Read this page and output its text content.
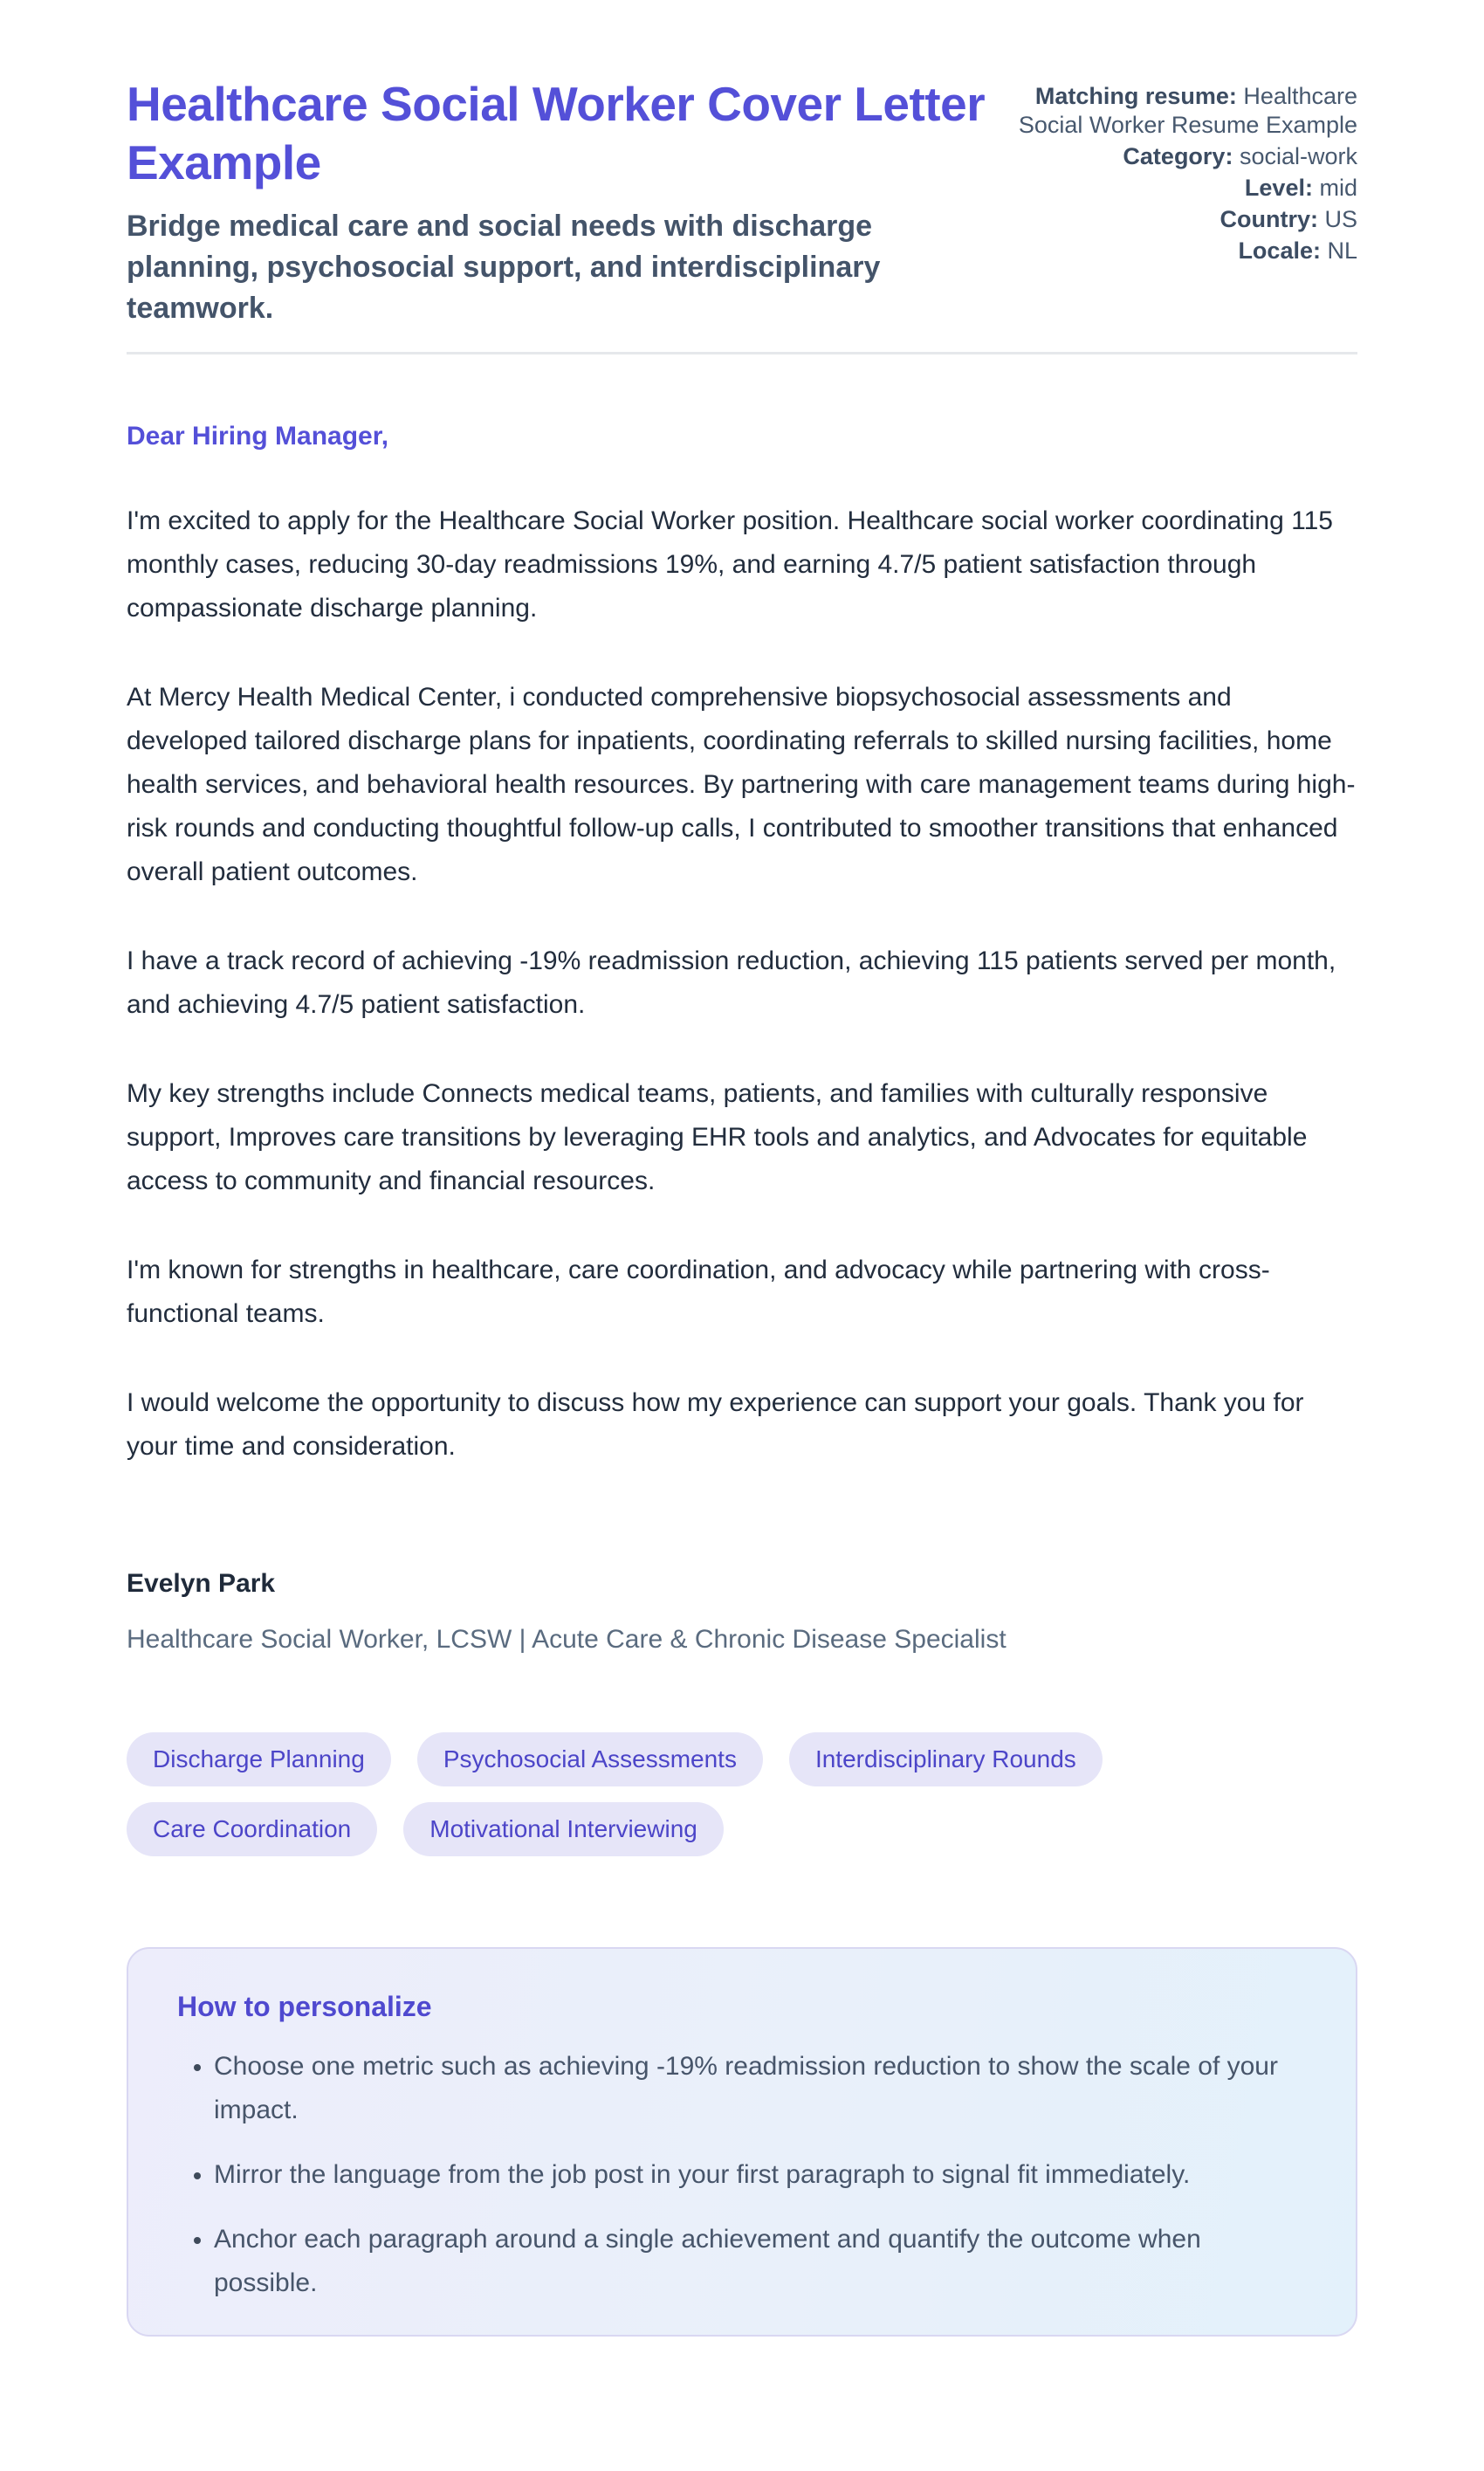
Healthcare Social Worker Cover Letter Example
Bridge medical care and social needs with discharge planning, psychosocial support, and interdisciplinary teamwork.
Matching resume: Healthcare Social Worker Resume Example
Category: social-work
Level: mid
Country: US
Locale: NL

Dear Hiring Manager,

I'm excited to apply for the Healthcare Social Worker position. Healthcare social worker coordinating 115 monthly cases, reducing 30-day readmissions 19%, and earning 4.7/5 patient satisfaction through compassionate discharge planning.

At Mercy Health Medical Center, i conducted comprehensive biopsychosocial assessments and developed tailored discharge plans for inpatients, coordinating referrals to skilled nursing facilities, home health services, and behavioral health resources. By partnering with care management teams during high-risk rounds and conducting thoughtful follow-up calls, I contributed to smoother transitions that enhanced overall patient outcomes.

I have a track record of achieving -19% readmission reduction, achieving 115 patients served per month, and achieving 4.7/5 patient satisfaction.

My key strengths include Connects medical teams, patients, and families with culturally responsive support, Improves care transitions by leveraging EHR tools and analytics, and Advocates for equitable access to community and financial resources.

I'm known for strengths in healthcare, care coordination, and advocacy while partnering with cross-functional teams.

I would welcome the opportunity to discuss how my experience can support your goals. Thank you for your time and consideration.

Evelyn Park
Healthcare Social Worker, LCSW | Acute Care & Chronic Disease Specialist
Discharge Planning	Psychosocial Assessments	Interdisciplinary Rounds
Care Coordination	Motivational Interviewing
How to personalize
• Choose one metric such as achieving -19% readmission reduction to show the scale of your impact.
• Mirror the language from the job post in your first paragraph to signal fit immediately.
• Anchor each paragraph around a single achievement and quantify the outcome when possible.
